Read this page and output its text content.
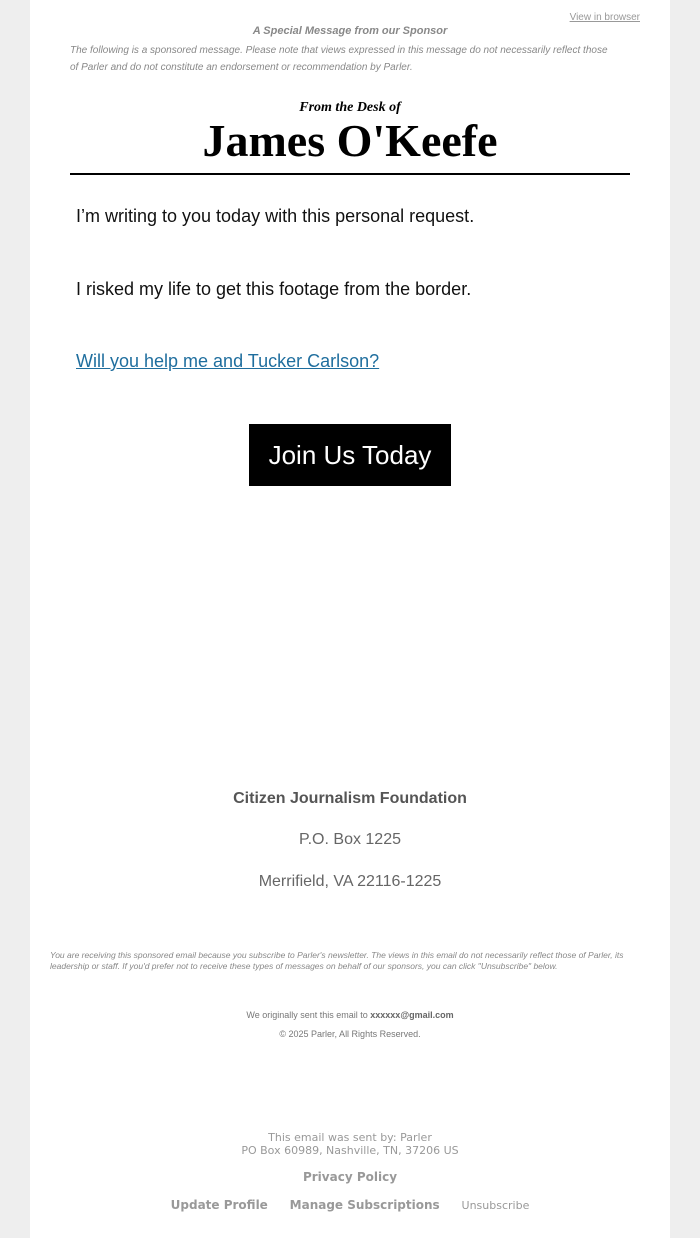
View in browser
A Special Message from our Sponsor
The following is a sponsored message. Please note that views expressed in this message do not necessarily reflect those of Parler and do not constitute an endorsement or recommendation by Parler.
From the Desk of
James O'Keefe
I’m writing to you today with this personal request.
I risked my life to get this footage from the border.
Will you help me and Tucker Carlson?
Join Us Today
Citizen Journalism Foundation
P.O. Box 1225
Merrifield, VA 22116-1225
You are receiving this sponsored email because you subscribe to Parler's newsletter. The views in this email do not necessarily reflect those of Parler, its leadership or staff. If you'd prefer not to receive these types of messages on behalf of our sponsors, you can click "Unsubscribe" below.
We originally sent this email to xxxxxx@gmail.com
© 2025 Parler, All Rights Reserved.
This email was sent by: Parler
PO Box 60989, Nashville, TN, 37206 US
Privacy Policy
Update Profile Manage Subscriptions Unsubscribe
